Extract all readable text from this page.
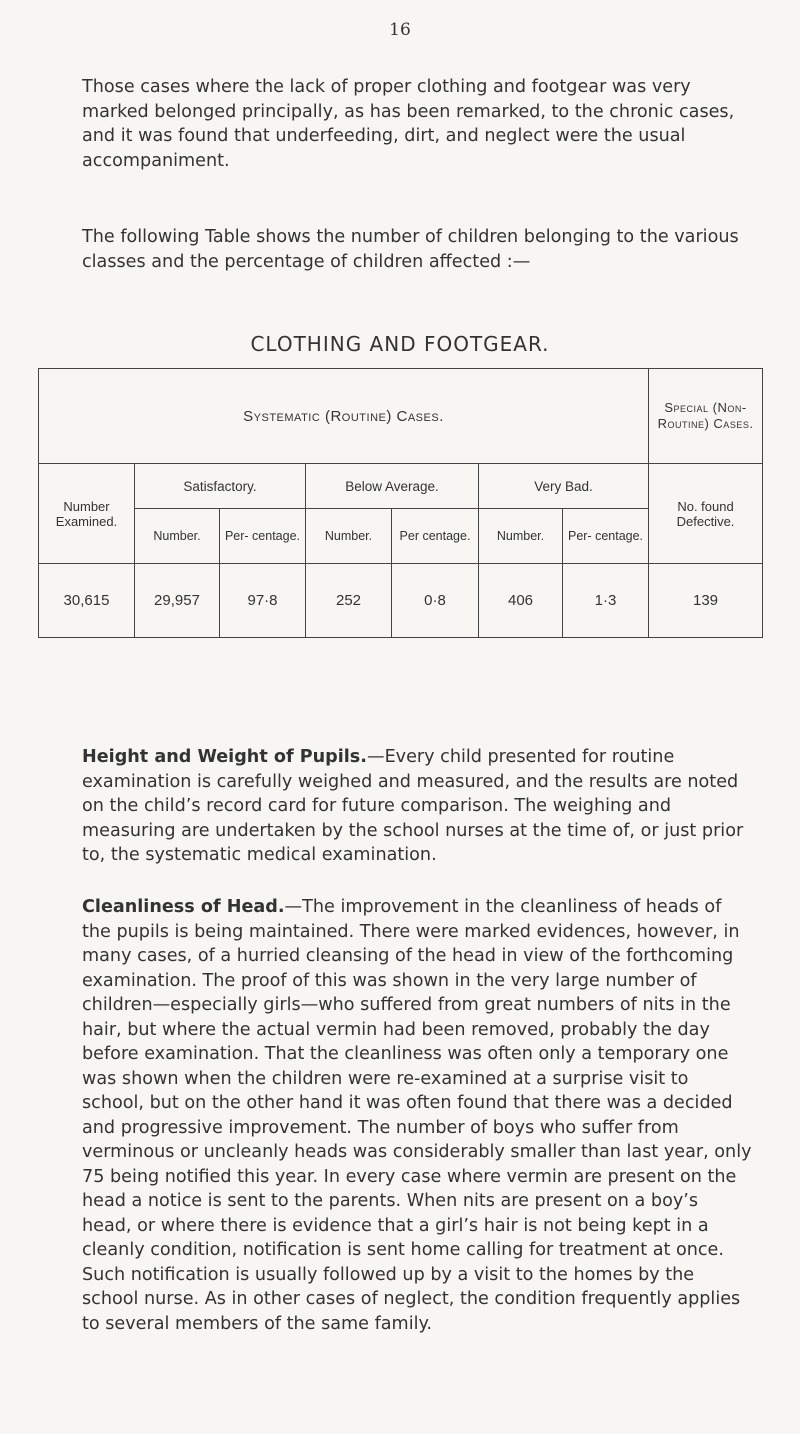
16

Those cases where the lack of proper clothing and footgear was very marked belonged principally, as has been remarked, to the chronic cases, and it was found that underfeeding, dirt, and neglect were the usual accompaniment.

The following Table shows the number of children belonging to the various classes and the percentage of children affected :—

CLOTHING AND FOOTGEAR.
Systematic (Routine) Cases.							Special (Non-Routine) Cases.
Number Examined.	Satisfactory.		Below Average.		Very Bad.		No. found Defective.
	Number.	Per- centage.	Number.	Per centage.	Number.	Per- centage.	
30,615	29,957	97·8	252	0·8	406	1·3	139

Height and Weight of Pupils.—Every child presented for routine examination is carefully weighed and measured, and the results are noted on the child’s record card for future comparison. The weighing and measuring are undertaken by the school nurses at the time of, or just prior to, the systematic medical examination.

Cleanliness of Head.—The improvement in the cleanliness of heads of the pupils is being maintained. There were marked evidences, however, in many cases, of a hurried cleansing of the head in view of the forthcoming examination. The proof of this was shown in the very large number of children—especially girls—who suffered from great numbers of nits in the hair, but where the actual vermin had been removed, probably the day before examination. That the cleanliness was often only a temporary one was shown when the children were re-examined at a surprise visit to school, but on the other hand it was often found that there was a decided and progressive improvement. The number of boys who suffer from verminous or uncleanly heads was considerably smaller than last year, only 75 being notified this year. In every case where vermin are present on the head a notice is sent to the parents. When nits are present on a boy’s head, or where there is evidence that a girl’s hair is not being kept in a cleanly condition, notification is sent home calling for treatment at once. Such notification is usually followed up by a visit to the homes by the school nurse. As in other cases of neglect, the condition frequently applies to several members of the same family.
